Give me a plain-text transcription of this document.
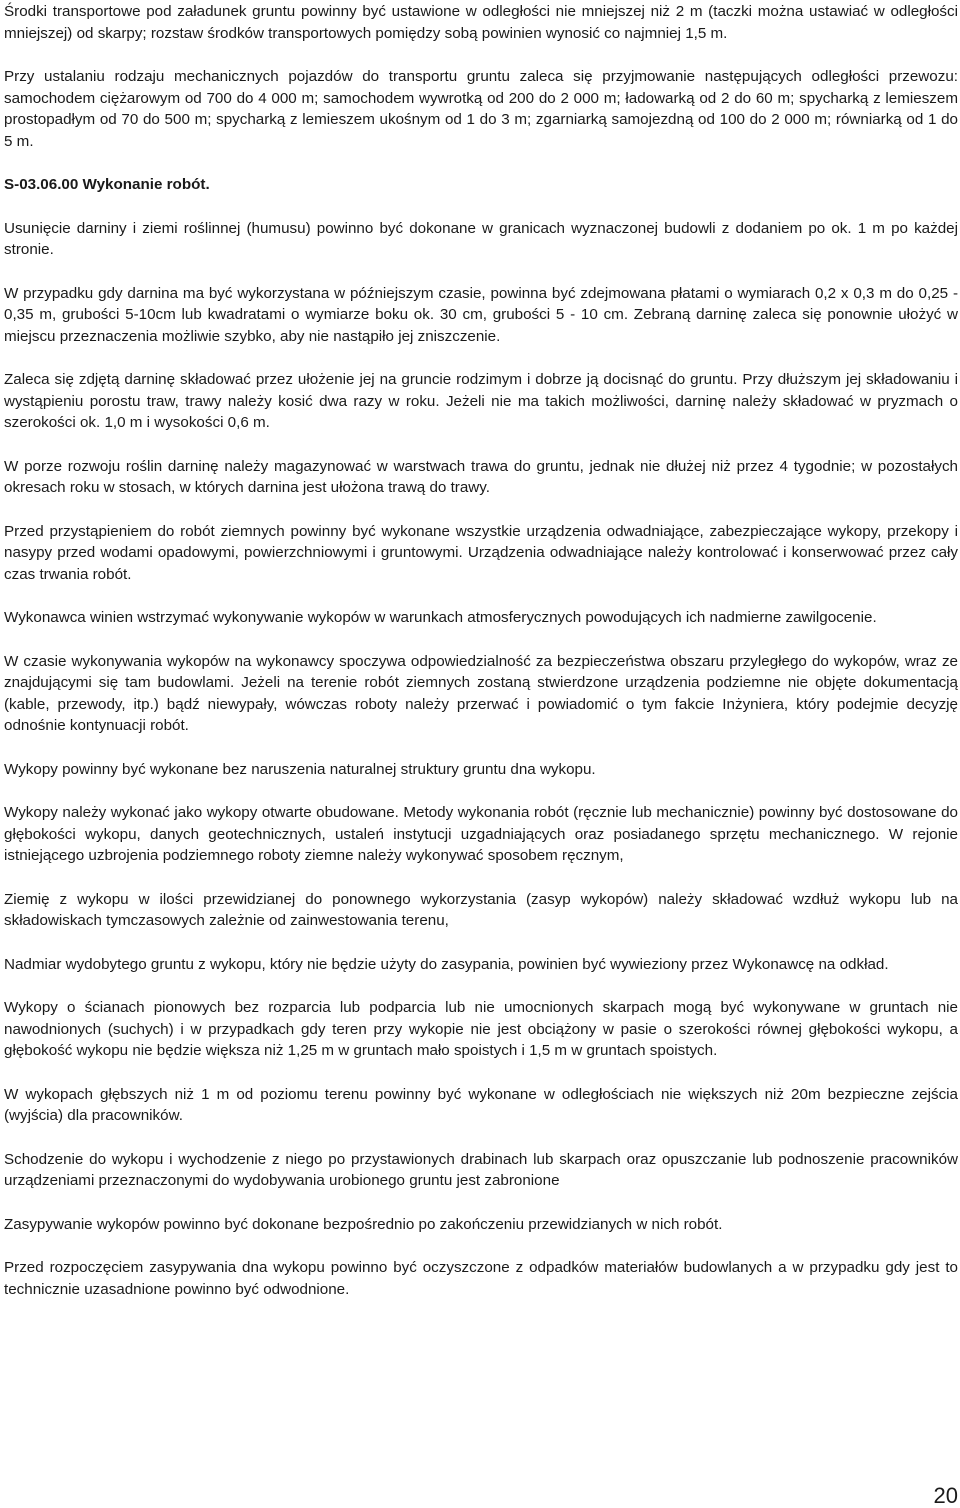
Środki transportowe pod załadunek gruntu powinny być ustawione w odległości nie mniejszej niż 2 m (taczki można ustawiać w odległości mniejszej) od skarpy; rozstaw środków transportowych pomiędzy sobą powinien wynosić co najmniej 1,5 m.

Przy ustalaniu rodzaju mechanicznych pojazdów do transportu gruntu zaleca się przyjmowanie następujących odległości przewozu: samochodem ciężarowym od 700 do 4 000 m; samochodem wywrotką od 200 do 2 000 m; ładowarką od 2 do 60 m; spycharką z lemieszem prostopadłym od 70 do 500 m; spycharką z lemieszem ukośnym od 1 do 3 m; zgarniarką samojezdną od 100 do 2 000 m; równiarką od 1 do 5 m.

S-03.06.00 Wykonanie robót.

Usunięcie darniny i ziemi roślinnej (humusu) powinno być dokonane w granicach wyznaczonej budowli z dodaniem po ok. 1 m po każdej stronie.

W przypadku gdy darnina ma być wykorzystana w późniejszym czasie, powinna być zdejmowana płatami o wymiarach 0,2 x 0,3 m do 0,25 - 0,35 m, grubości 5-10cm lub kwadratami o wymiarze boku ok. 30 cm, grubości 5 - 10 cm. Zebraną darninę zaleca się ponownie ułożyć w miejscu przeznaczenia możliwie szybko, aby nie nastąpiło jej zniszczenie.

Zaleca się zdjętą darninę składować przez ułożenie jej na gruncie rodzimym i dobrze ją docisnąć do gruntu. Przy dłuższym jej składowaniu i wystąpieniu porostu traw, trawy należy kosić dwa razy w roku. Jeżeli nie ma takich możliwości, darninę należy składować w pryzmach o szerokości ok. 1,0 m i wysokości 0,6 m.

W porze rozwoju roślin darninę należy magazynować w warstwach trawa do gruntu, jednak nie dłużej niż przez 4 tygodnie; w pozostałych okresach roku w stosach, w których darnina jest ułożona trawą do trawy.

Przed przystąpieniem do robót ziemnych powinny być wykonane wszystkie urządzenia odwadniające, zabezpieczające wykopy, przekopy i nasypy przed wodami opadowymi, powierzchniowymi i gruntowymi. Urządzenia odwadniające należy kontrolować i konserwować przez cały czas trwania robót.

Wykonawca winien wstrzymać wykonywanie wykopów w warunkach atmosferycznych powodujących ich nadmierne zawilgocenie.

W czasie wykonywania wykopów na wykonawcy spoczywa odpowiedzialność za bezpieczeństwa obszaru przyległego do wykopów, wraz ze znajdującymi się tam budowlami. Jeżeli na terenie robót ziemnych zostaną stwierdzone urządzenia podziemne nie objęte dokumentacją (kable, przewody, itp.) bądź niewypały, wówczas roboty należy przerwać i powiadomić o tym fakcie Inżyniera, który podejmie decyzję odnośnie kontynuacji robót.

Wykopy powinny być wykonane bez naruszenia naturalnej struktury gruntu dna wykopu.

Wykopy należy wykonać jako wykopy otwarte obudowane. Metody wykonania robót (ręcznie lub mechanicznie) powinny być dostosowane do głębokości wykopu, danych geotechnicznych, ustaleń instytucji uzgadniających oraz posiadanego sprzętu mechanicznego. W rejonie istniejącego uzbrojenia podziemnego roboty ziemne należy wykonywać sposobem ręcznym,

Ziemię z wykopu w ilości przewidzianej do ponownego wykorzystania (zasyp wykopów) należy składować wzdłuż wykopu lub na składowiskach tymczasowych zależnie od zainwestowania terenu,

Nadmiar wydobytego gruntu z wykopu, który nie będzie użyty do zasypania, powinien być wywieziony przez Wykonawcę na odkład.

Wykopy o ścianach pionowych bez rozparcia lub podparcia lub nie umocnionych skarpach mogą być wykonywane w gruntach nie nawodnionych (suchych) i w przypadkach gdy teren przy wykopie nie jest obciążony w pasie o szerokości równej głębokości wykopu, a głębokość wykopu nie będzie większa niż 1,25 m w gruntach mało spoistych i 1,5 m w gruntach spoistych.

W wykopach głębszych niż 1 m od poziomu terenu powinny być wykonane w odległościach nie większych niż 20m bezpieczne zejścia (wyjścia) dla pracowników.

Schodzenie do wykopu i wychodzenie z niego po przystawionych drabinach lub skarpach oraz opuszczanie lub podnoszenie pracowników urządzeniami przeznaczonymi do wydobywania urobionego gruntu jest zabronione

Zasypywanie wykopów powinno być dokonane bezpośrednio po zakończeniu przewidzianych w nich robót.

Przed rozpoczęciem zasypywania dna wykopu powinno być oczyszczone z odpadków materiałów budowlanych a w przypadku gdy jest to technicznie uzasadnione powinno być odwodnione.

20
